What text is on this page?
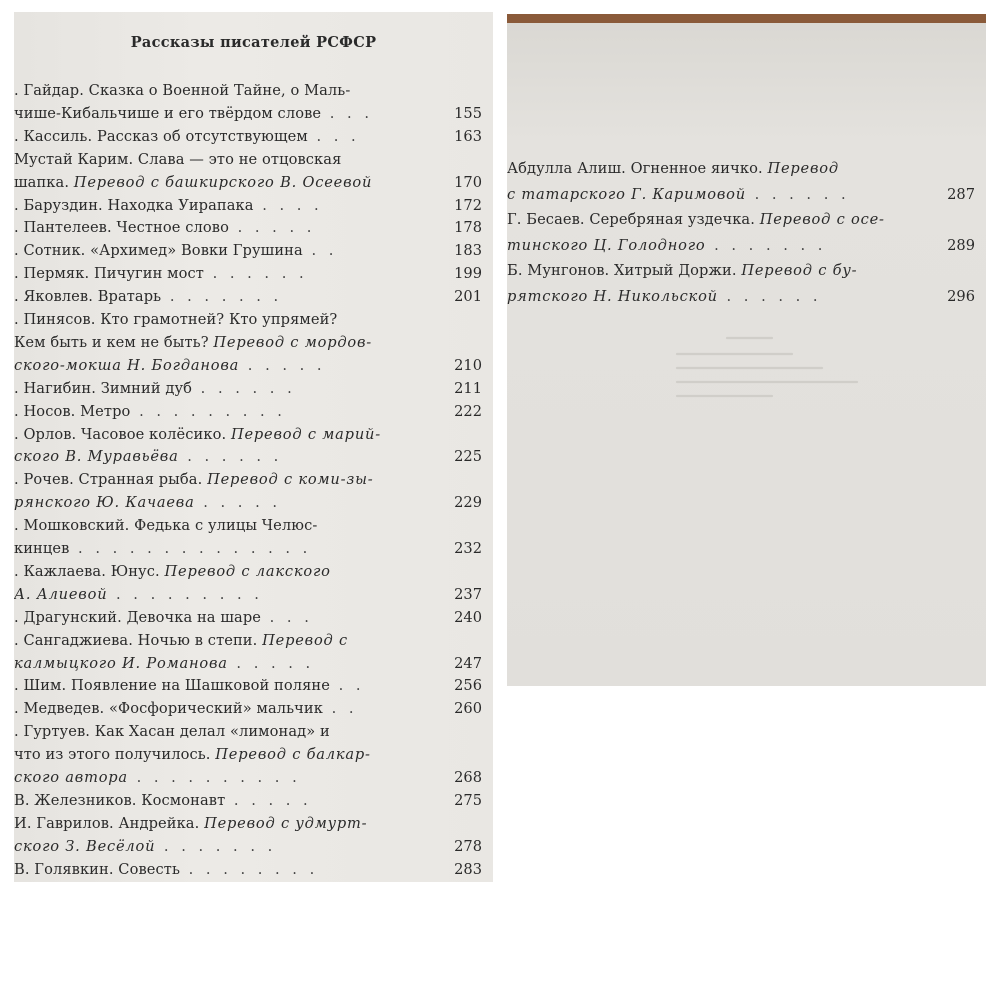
Рассказы писателей РСФСР
. Гайдар. Сказка о Военной Тайне, о Маль-
чише-Кибальчише и его твёрдом слове . . .	155
. Кассиль. Рассказ об отсутствующем . . .	163
Мустай Карим. Слава — это не отцовская
шапка. Перевод с башкирского В. Осеевой	170
. Баруздин. Находка Уирапака . . . .	172
. Пантелеев. Честное слово . . . . .	178
. Сотник. «Архимед» Вовки Грушина . .	183
. Пермяк. Пичугин мост . . . . . .	199
. Яковлев. Вратарь . . . . . . .	201
. Пинясов. Кто грамотней? Кто упрямей?
Кем быть и кем не быть? Перевод с мордов-
ского-мокша Н. Богданова . . . . .	210
. Нагибин. Зимний дуб . . . . . .	211
. Носов. Метро . . . . . . . . .	222
. Орлов. Часовое колёсико. Перевод с марий-
ского В. Муравьёва . . . . . .	225
. Рочев. Странная рыба. Перевод с коми-зы-
рянского Ю. Качаева . . . . .	229
. Мошковский. Федька с улицы Челюс-
кинцев . . . . . . . . . . . . . .	232
. Кажлаева. Юнус. Перевод с лакского
А. Алиевой . . . . . . . . .	237
. Драгунский. Девочка на шаре . . .	240
. Сангаджиева. Ночью в степи. Перевод с
калмыцкого И. Романова . . . . .	247
. Шим. Появление на Шашковой поляне . .	256
. Медведев. «Фосфорический» мальчик . .	260
. Гуртуев. Как Хасан делал «лимонад» и
что из этого получилось. Перевод с балкар-
ского автора . . . . . . . . . .	268
В. Железников. Космонавт . . . . .	275
И. Гаврилов. Андрейка. Перевод с удмурт-
ского З. Весёлой . . . . . . .	278
В. Голявкин. Совесть . . . . . . . .	283
Абдулла Алиш. Огненное яичко. Перевод
с татарского Г. Каримовой . . . . . .	287
Г. Бесаев. Серебряная уздечка. Перевод с осе-
тинского Ц. Голодного . . . . . . .	289
Б. Мунгонов. Хитрый Доржи. Перевод с бу-
рятского Н. Никольской . . . . . .	296
